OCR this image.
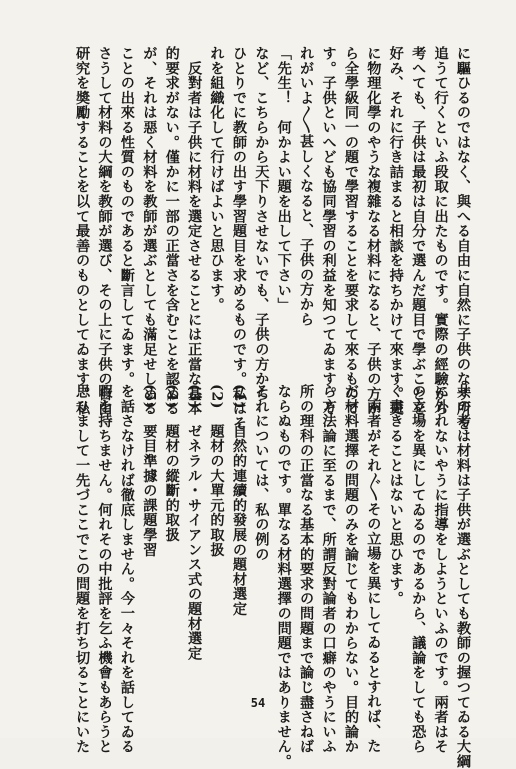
に驅ひるのではなく、與へる自由に自然に子供のなす所を
追うて行くといふ段取に出たものです。實際の經驗から
考へても、子供は最初は自分で選んだ題目で學ぶことを
好み、それに行き詰まると相談を持ちかけて來ます。更
に物理化學のやうな複雜なる材料になると、子供の方か
ら全學級同一の題で學習することを要求して來るもので
す。子供といへども協同學習の利益を知つてゐます。そ
れがいよ〳〵甚しくなると、子供の方から
「先生！　何かよい題を出して下さい」
など、こちらから天下りさせないでも、子供の方から
ひとりでに教師の出す學習題目を求めるものです。私はそ
れを組織化して行けばよいと思ひます。
　反對者は子供に材料を選定させることには正當な基本
的要求がない。僅かに一部の正當さを含むことを認める
が、それは惡く材料を教師が選ぶとしても滿足せしめる
ことの出來る性質のものであると斷言してゐます。
さうして材料の大綱を教師が選び、その上に子供の自由
研究を奬勵することを以て最善のものとしてゐます。私
共の考は材料は子供が選ぶとしても教師の握つてゐる大綱
に外れないやうに指導をしようといふのです。兩者はそ
の立場を異にしてゐるのであるから、議論をしても恐ら
く盡きることはないと思ひます。
　兩者がそれ〴〵その立場を異にしてゐるとすれば、た
だ材料選擇の問題のみを論じてもわからない。目的論か
ら方法論に至るまで、所謂反對論者の口癖のやうにいふ
所の理科の正當なる基本的要求の問題まで論じ盡さねば
ならぬものです。單なる材料選擇の問題ではありません。
それについては、私の例の
(1)　自然的連續的發展の題材選定
(2)　題材の大單元的取扱
(3)　ゼネラル・サイアンス式の題材選定
(4)　題材の縱斷的取扱
(5)　要目準據の課題學習
を話さなければ徹底しません。今一々それを話してゐる
暇を持ちません。何れその中批評を乞ふ機會もあらうと
思ひまして一先づここでこの問題を打ち切ることにいた	54
